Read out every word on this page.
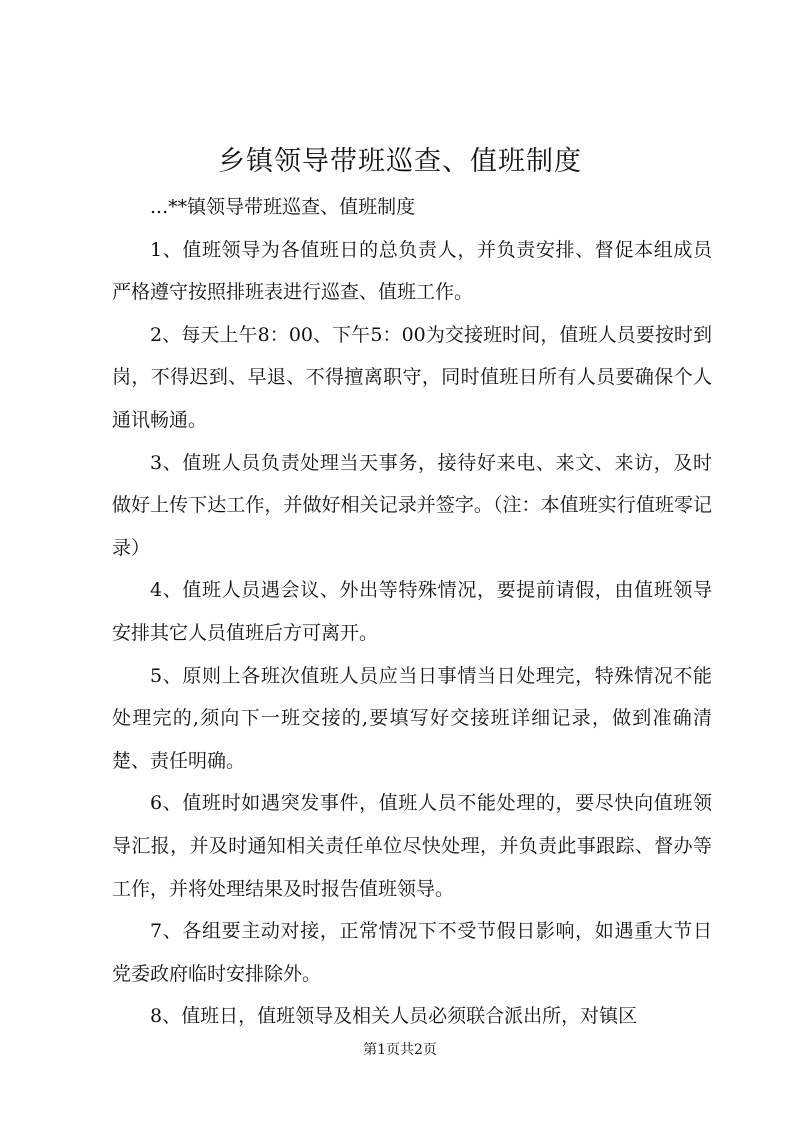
乡镇领导带班巡查、值班制度

...**镇领导带班巡查、值班制度

1、值班领导为各值班日的总负责人，并负责安排、督促本组成员严格遵守按照排班表进行巡查、值班工作。

2、每天上午8：00、下午5：00为交接班时间，值班人员要按时到岗，不得迟到、早退、不得擅离职守，同时值班日所有人员要确保个人通讯畅通。

3、值班人员负责处理当天事务，接待好来电、来文、来访，及时做好上传下达工作，并做好相关记录并签字。（注：本值班实行值班零记录）

4、值班人员遇会议、外出等特殊情况，要提前请假，由值班领导安排其它人员值班后方可离开。

5、原则上各班次值班人员应当日事情当日处理完，特殊情况不能处理完的,须向下一班交接的,要填写好交接班详细记录，做到准确清楚、责任明确。

6、值班时如遇突发事件，值班人员不能处理的，要尽快向值班领导汇报，并及时通知相关责任单位尽快处理，并负责此事跟踪、督办等工作，并将处理结果及时报告值班领导。

7、各组要主动对接，正常情况下不受节假日影响，如遇重大节日党委政府临时安排除外。

8、值班日，值班领导及相关人员必须联合派出所，对镇区

第1页共2页
